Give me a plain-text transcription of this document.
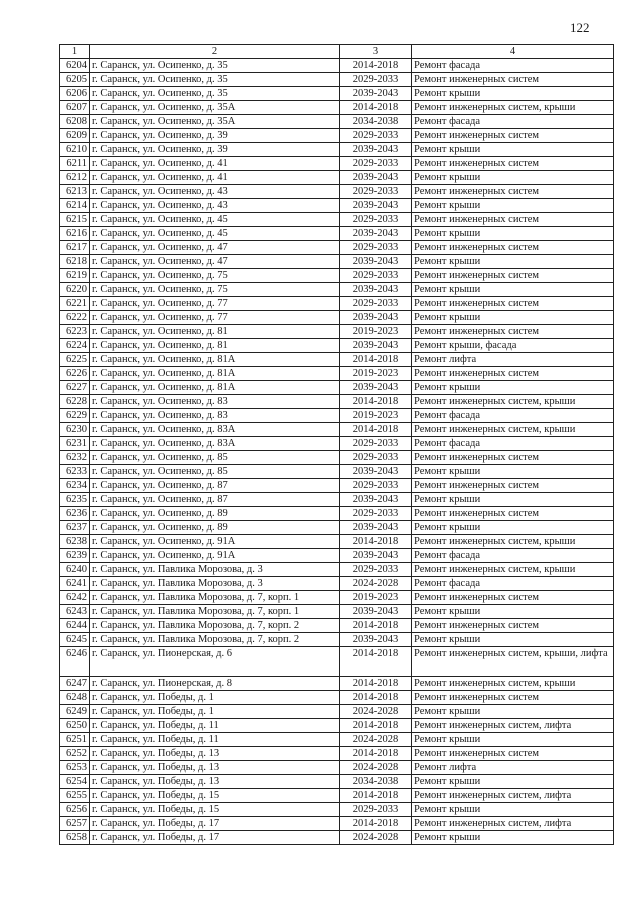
122
1	2	3	4
6204	г. Саранск, ул. Осипенко, д. 35	2014-2018	Ремонт фасада
6205	г. Саранск, ул. Осипенко, д. 35	2029-2033	Ремонт инженерных систем
6206	г. Саранск, ул. Осипенко, д. 35	2039-2043	Ремонт крыши
6207	г. Саранск, ул. Осипенко, д. 35А	2014-2018	Ремонт инженерных систем, крыши
6208	г. Саранск, ул. Осипенко, д. 35А	2034-2038	Ремонт фасада
6209	г. Саранск, ул. Осипенко, д. 39	2029-2033	Ремонт инженерных систем
6210	г. Саранск, ул. Осипенко, д. 39	2039-2043	Ремонт крыши
6211	г. Саранск, ул. Осипенко, д. 41	2029-2033	Ремонт инженерных систем
6212	г. Саранск, ул. Осипенко, д. 41	2039-2043	Ремонт крыши
6213	г. Саранск, ул. Осипенко, д. 43	2029-2033	Ремонт инженерных систем
6214	г. Саранск, ул. Осипенко, д. 43	2039-2043	Ремонт крыши
6215	г. Саранск, ул. Осипенко, д. 45	2029-2033	Ремонт инженерных систем
6216	г. Саранск, ул. Осипенко, д. 45	2039-2043	Ремонт крыши
6217	г. Саранск, ул. Осипенко, д. 47	2029-2033	Ремонт инженерных систем
6218	г. Саранск, ул. Осипенко, д. 47	2039-2043	Ремонт крыши
6219	г. Саранск, ул. Осипенко, д. 75	2029-2033	Ремонт инженерных систем
6220	г. Саранск, ул. Осипенко, д. 75	2039-2043	Ремонт крыши
6221	г. Саранск, ул. Осипенко, д. 77	2029-2033	Ремонт инженерных систем
6222	г. Саранск, ул. Осипенко, д. 77	2039-2043	Ремонт крыши
6223	г. Саранск, ул. Осипенко, д. 81	2019-2023	Ремонт инженерных систем
6224	г. Саранск, ул. Осипенко, д. 81	2039-2043	Ремонт крыши, фасада
6225	г. Саранск, ул. Осипенко, д. 81А	2014-2018	Ремонт лифта
6226	г. Саранск, ул. Осипенко, д. 81А	2019-2023	Ремонт инженерных систем
6227	г. Саранск, ул. Осипенко, д. 81А	2039-2043	Ремонт крыши
6228	г. Саранск, ул. Осипенко, д. 83	2014-2018	Ремонт инженерных систем, крыши
6229	г. Саранск, ул. Осипенко, д. 83	2019-2023	Ремонт фасада
6230	г. Саранск, ул. Осипенко, д. 83А	2014-2018	Ремонт инженерных систем, крыши
6231	г. Саранск, ул. Осипенко, д. 83А	2029-2033	Ремонт фасада
6232	г. Саранск, ул. Осипенко, д. 85	2029-2033	Ремонт инженерных систем
6233	г. Саранск, ул. Осипенко, д. 85	2039-2043	Ремонт крыши
6234	г. Саранск, ул. Осипенко, д. 87	2029-2033	Ремонт инженерных систем
6235	г. Саранск, ул. Осипенко, д. 87	2039-2043	Ремонт крыши
6236	г. Саранск, ул. Осипенко, д. 89	2029-2033	Ремонт инженерных систем
6237	г. Саранск, ул. Осипенко, д. 89	2039-2043	Ремонт крыши
6238	г. Саранск, ул. Осипенко, д. 91А	2014-2018	Ремонт инженерных систем, крыши
6239	г. Саранск, ул. Осипенко, д. 91А	2039-2043	Ремонт фасада
6240	г. Саранск, ул. Павлика Морозова, д. 3	2029-2033	Ремонт инженерных систем, крыши
6241	г. Саранск, ул. Павлика Морозова, д. 3	2024-2028	Ремонт фасада
6242	г. Саранск, ул. Павлика Морозова, д. 7, корп. 1	2019-2023	Ремонт инженерных систем
6243	г. Саранск, ул. Павлика Морозова, д. 7, корп. 1	2039-2043	Ремонт крыши
6244	г. Саранск, ул. Павлика Морозова, д. 7, корп. 2	2014-2018	Ремонт инженерных систем
6245	г. Саранск, ул. Павлика Морозова, д. 7, корп. 2	2039-2043	Ремонт крыши
6246	г. Саранск, ул. Пионерская, д. 6	2014-2018	Ремонт инженерных систем, крыши, лифта
6247	г. Саранск, ул. Пионерская, д. 8	2014-2018	Ремонт инженерных систем, крыши
6248	г. Саранск, ул. Победы, д. 1	2014-2018	Ремонт инженерных систем
6249	г. Саранск, ул. Победы, д. 1	2024-2028	Ремонт крыши
6250	г. Саранск, ул. Победы, д. 11	2014-2018	Ремонт инженерных систем, лифта
6251	г. Саранск, ул. Победы, д. 11	2024-2028	Ремонт крыши
6252	г. Саранск, ул. Победы, д. 13	2014-2018	Ремонт инженерных систем
6253	г. Саранск, ул. Победы, д. 13	2024-2028	Ремонт лифта
6254	г. Саранск, ул. Победы, д. 13	2034-2038	Ремонт крыши
6255	г. Саранск, ул. Победы, д. 15	2014-2018	Ремонт инженерных систем, лифта
6256	г. Саранск, ул. Победы, д. 15	2029-2033	Ремонт крыши
6257	г. Саранск, ул. Победы, д. 17	2014-2018	Ремонт инженерных систем, лифта
6258	г. Саранск, ул. Победы, д. 17	2024-2028	Ремонт крыши
